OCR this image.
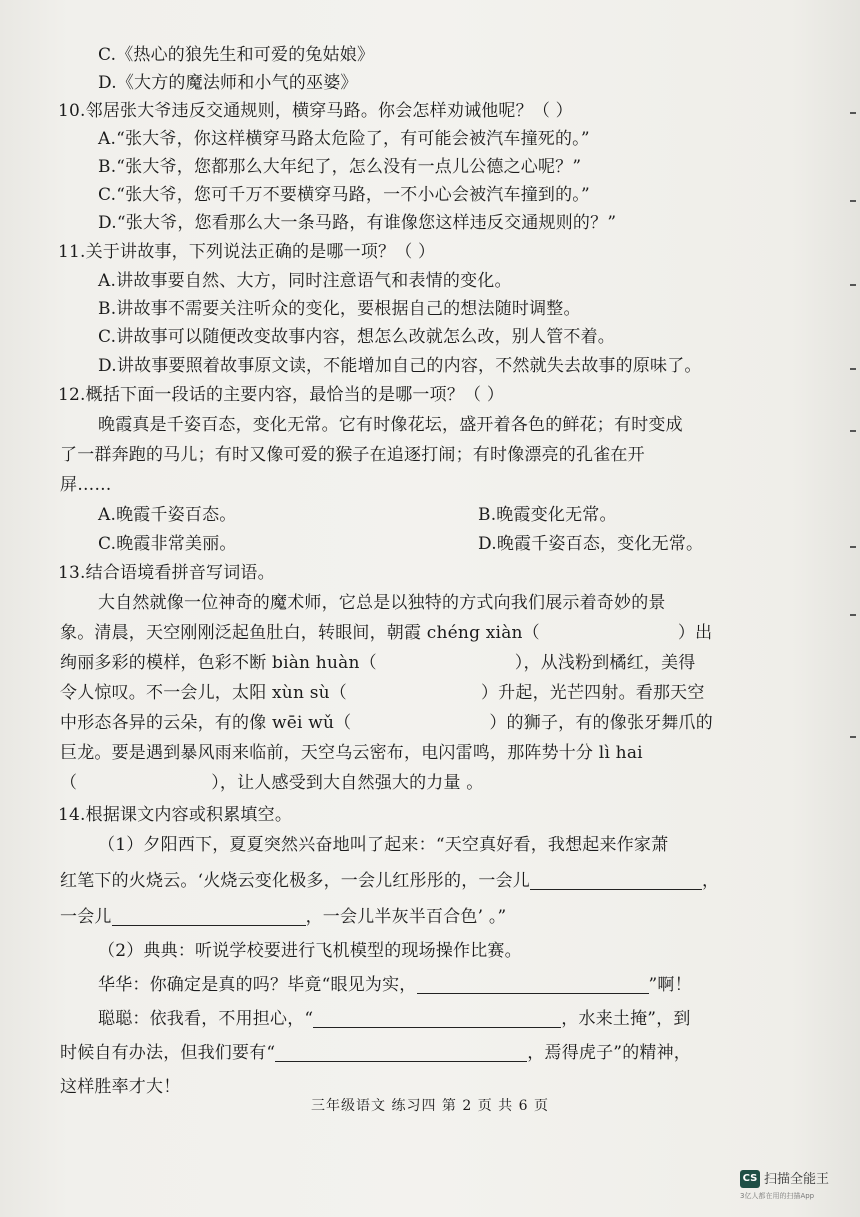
C.《热心的狼先生和可爱的兔姑娘》
D.《大方的魔法师和小气的巫婆》
10.邻居张大爷违反交通规则，横穿马路。你会怎样劝诫他呢？（ ）
A.“张大爷，你这样横穿马路太危险了，有可能会被汽车撞死的。”
B.“张大爷，您都那么大年纪了，怎么没有一点儿公德之心呢？”
C.“张大爷，您可千万不要横穿马路，一不小心会被汽车撞到的。”
D.“张大爷，您看那么大一条马路，有谁像您这样违反交通规则的？”
11.关于讲故事，下列说法正确的是哪一项？（ ）
A.讲故事要自然、大方，同时注意语气和表情的变化。
B.讲故事不需要关注听众的变化，要根据自己的想法随时调整。
C.讲故事可以随便改变故事内容，想怎么改就怎么改，别人管不着。
D.讲故事要照着故事原文读，不能增加自己的内容，不然就失去故事的原味了。
12.概括下面一段话的主要内容，最恰当的是哪一项？（ ）
晚霞真是千姿百态，变化无常。它有时像花坛，盛开着各色的鲜花；有时变成
了一群奔跑的马儿；有时又像可爱的猴子在追逐打闹；有时像漂亮的孔雀在开
屏……
A.晚霞千姿百态。	B.晚霞变化无常。
C.晚霞非常美丽。	D.晚霞千姿百态，变化无常。
13.结合语境看拼音写词语。
大自然就像一位神奇的魔术师，它总是以独特的方式向我们展示着奇妙的景
象。清晨，天空刚刚泛起鱼肚白，转眼间，朝霞 chéng xiàn（	）出
绚丽多彩的模样，色彩不断 biàn huàn（	），从浅粉到橘红，美得
令人惊叹。不一会儿，太阳 xùn sù（	）升起，光芒四射。看那天空
中形态各异的云朵，有的像 wēi wǔ（	）的狮子，有的像张牙舞爪的
巨龙。要是遇到暴风雨来临前，天空乌云密布，电闪雷鸣，那阵势十分 lì hai
（	），让人感受到大自然强大的力量 。
14.根据课文内容或积累填空。
（1）夕阳西下，夏夏突然兴奋地叫了起来：“天空真好看，我想起来作家萧
红笔下的火烧云。‘火烧云变化极多，一会儿红彤彤的，一会儿	，
一会儿	，一会儿半灰半百合色’ 。”
（2）典典：听说学校要进行飞机模型的现场操作比赛。
华华：你确定是真的吗？毕竟“眼见为实，	”啊！
聪聪：依我看，不用担心，“	，水来土掩”，到
时候自有办法，但我们要有“	，焉得虎子”的精神，
这样胜率才大！
三年级语文 练习四 第 2 页 共 6 页
CS 扫描全能王
3亿人都在用的扫描App
